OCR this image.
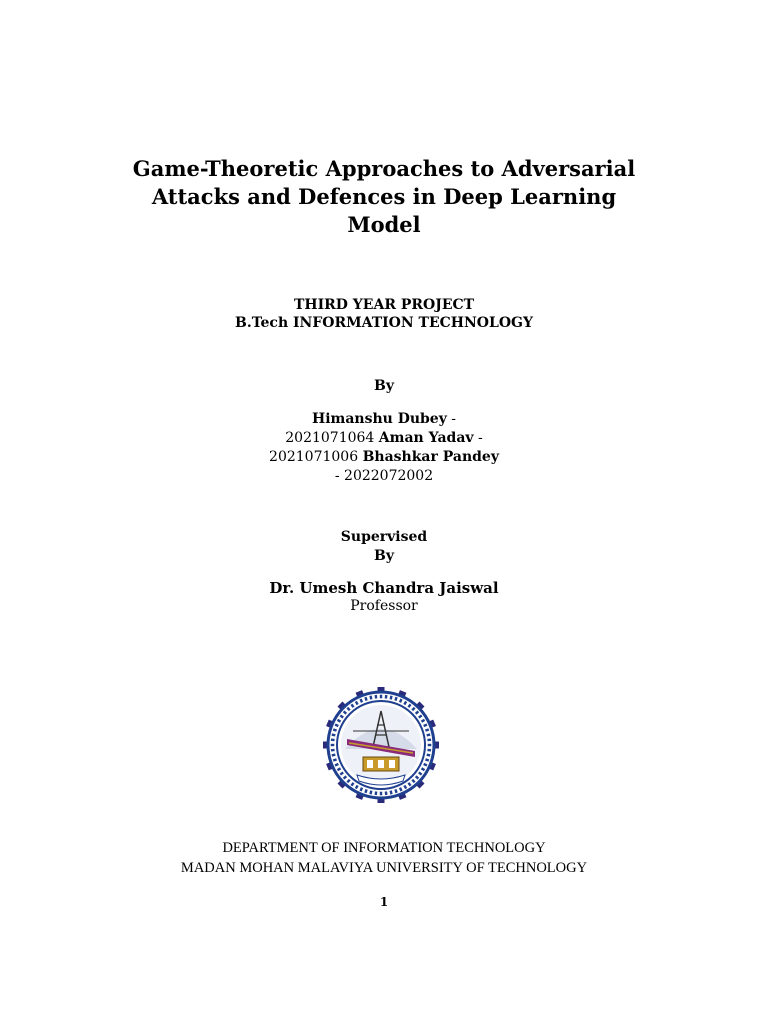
Game-Theoretic Approaches to Adversarial
Attacks and Defences in Deep Learning
Model
THIRD YEAR PROJECT
B.Tech INFORMATION TECHNOLOGY
By
Himanshu Dubey -
2021071064 Aman Yadav -
2021071006 Bhashkar Pandey
- 2022072002
Supervised
By
Dr. Umesh Chandra Jaiswal
Professor
DEPARTMENT OF INFORMATION TECHNOLOGY
MADAN MOHAN MALAVIYA UNIVERSITY OF TECHNOLOGY
1
